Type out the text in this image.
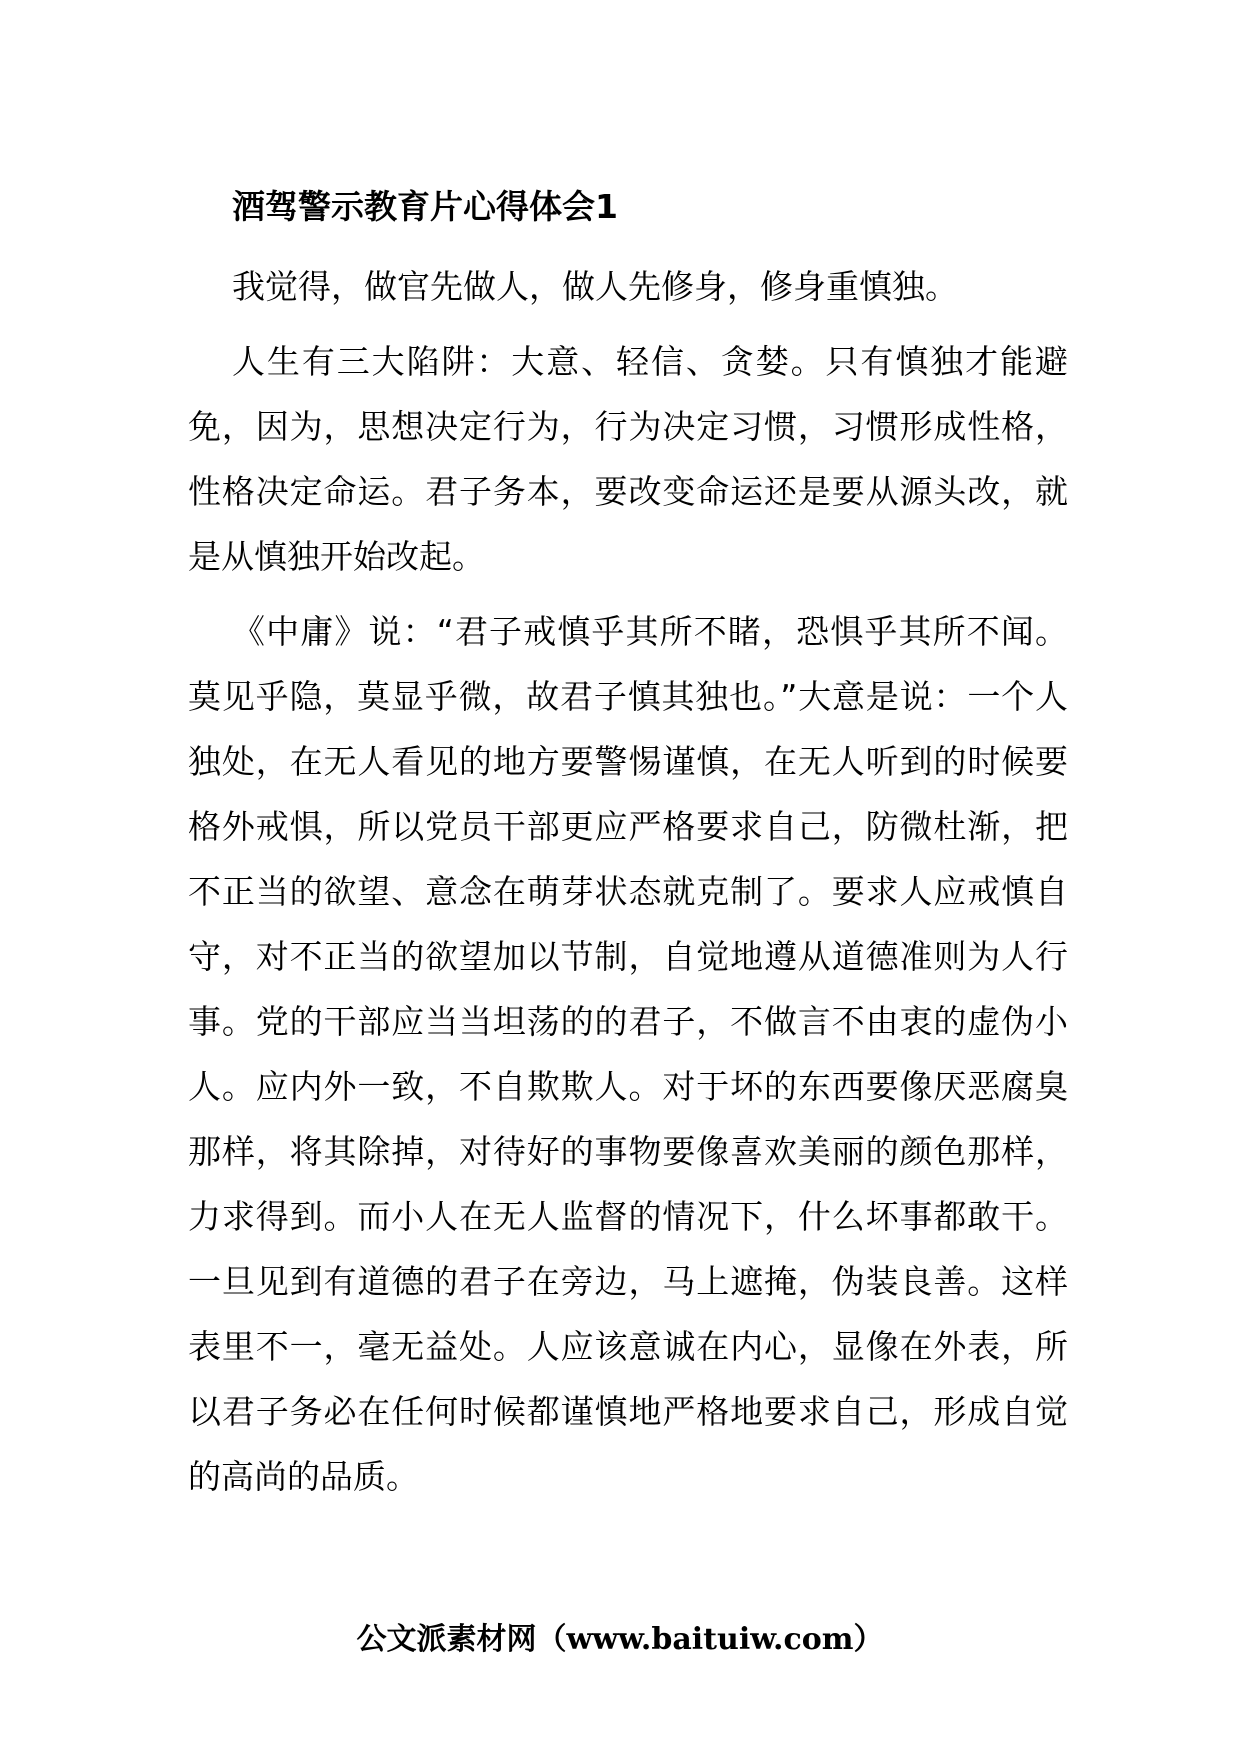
酒驾警示教育片心得体会1

我觉得，做官先做人，做人先修身，修身重慎独。

人生有三大陷阱：大意、轻信、贪婪。只有慎独才能避免，因为，思想决定行为，行为决定习惯，习惯形成性格，性格决定命运。君子务本，要改变命运还是要从源头改，就是从慎独开始改起。

《中庸》说：“君子戒慎乎其所不睹，恐惧乎其所不闻。莫见乎隐，莫显乎微，故君子慎其独也。”大意是说：一个人独处，在无人看见的地方要警惕谨慎，在无人听到的时候要格外戒惧，所以党员干部更应严格要求自己，防微杜渐，把不正当的欲望、意念在萌芽状态就克制了。要求人应戒慎自守，对不正当的欲望加以节制，自觉地遵从道德准则为人行事。党的干部应当当坦荡的的君子，不做言不由衷的虚伪小人。应内外一致，不自欺欺人。对于坏的东西要像厌恶腐臭那样，将其除掉，对待好的事物要像喜欢美丽的颜色那样，力求得到。而小人在无人监督的情况下，什么坏事都敢干。一旦见到有道德的君子在旁边，马上遮掩，伪装良善。这样表里不一，毫无益处。人应该意诚在内心，显像在外表，所以君子务必在任何时候都谨慎地严格地要求自己，形成自觉的高尚的品质。

公文派素材网（www.baituiw.com）
